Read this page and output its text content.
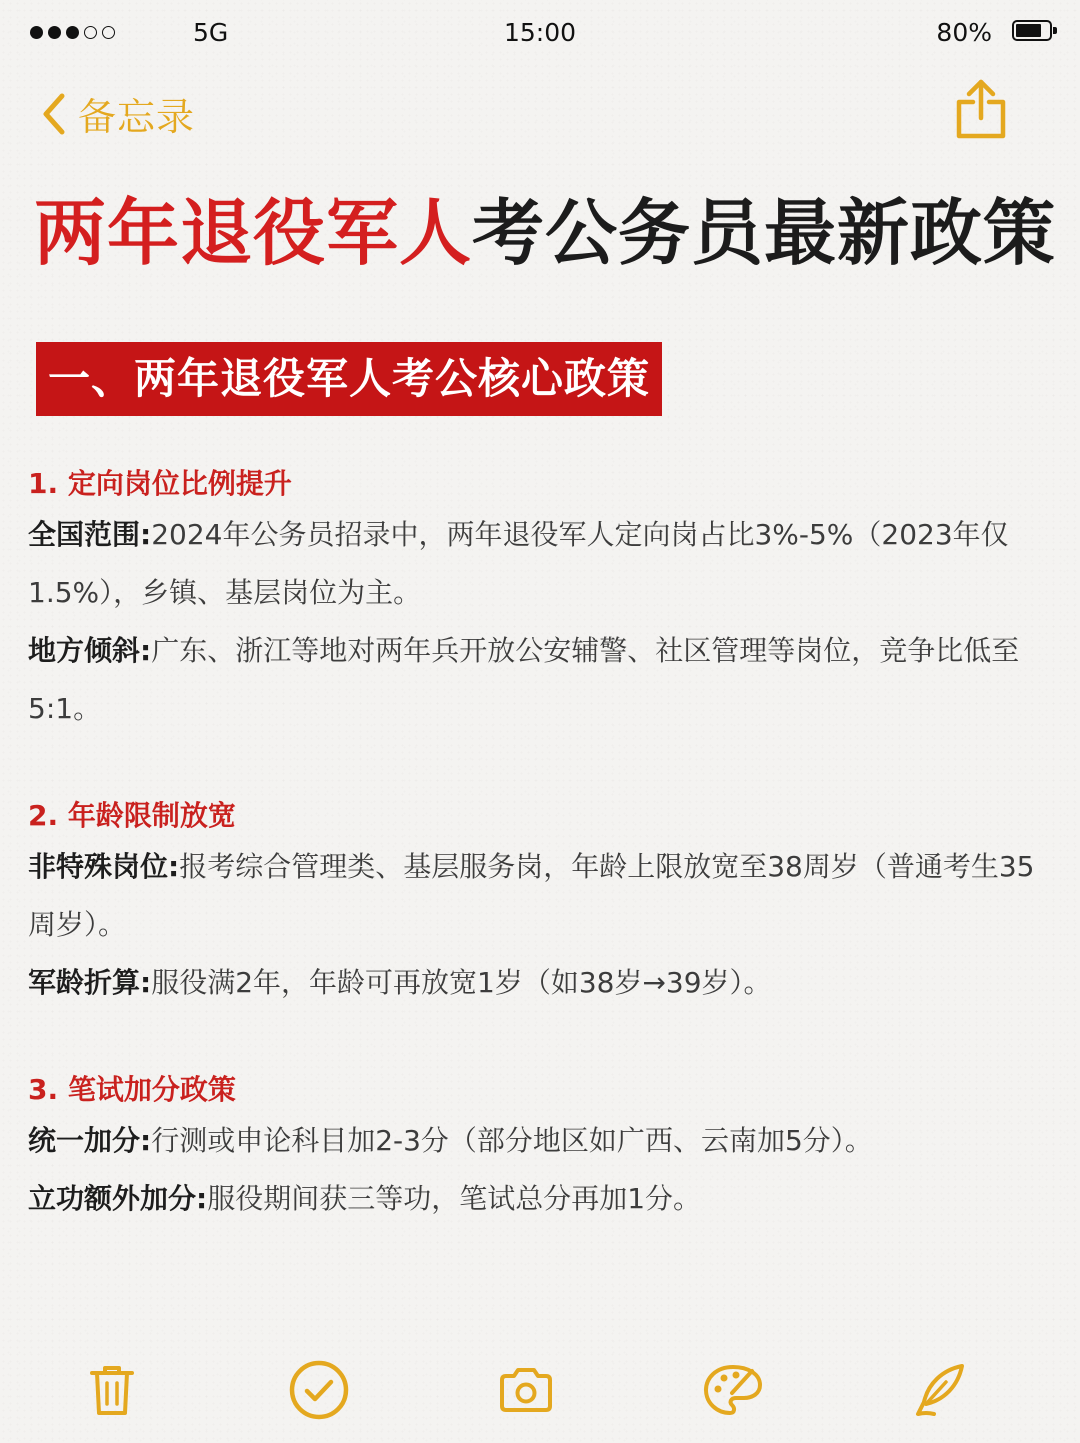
5G	15:00	80%
备忘录
两年退役军人考公务员最新政策
一、两年退役军人考公核心政策

1. 定向岗位比例提升

全国范围:2024年公务员招录中，两年退役军人定向岗占比3%-5%（2023年仅1.5%），乡镇、基层岗位为主。

地方倾斜:广东、浙江等地对两年兵开放公安辅警、社区管理等岗位，竞争比低至5:1。

2. 年龄限制放宽

非特殊岗位:报考综合管理类、基层服务岗，年龄上限放宽至38周岁（普通考生35周岁）。

军龄折算:服役满2年，年龄可再放宽1岁（如38岁→39岁）。

3. 笔试加分政策

统一加分:行测或申论科目加2-3分（部分地区如广西、云南加5分）。

立功额外加分:服役期间获三等功，笔试总分再加1分。
